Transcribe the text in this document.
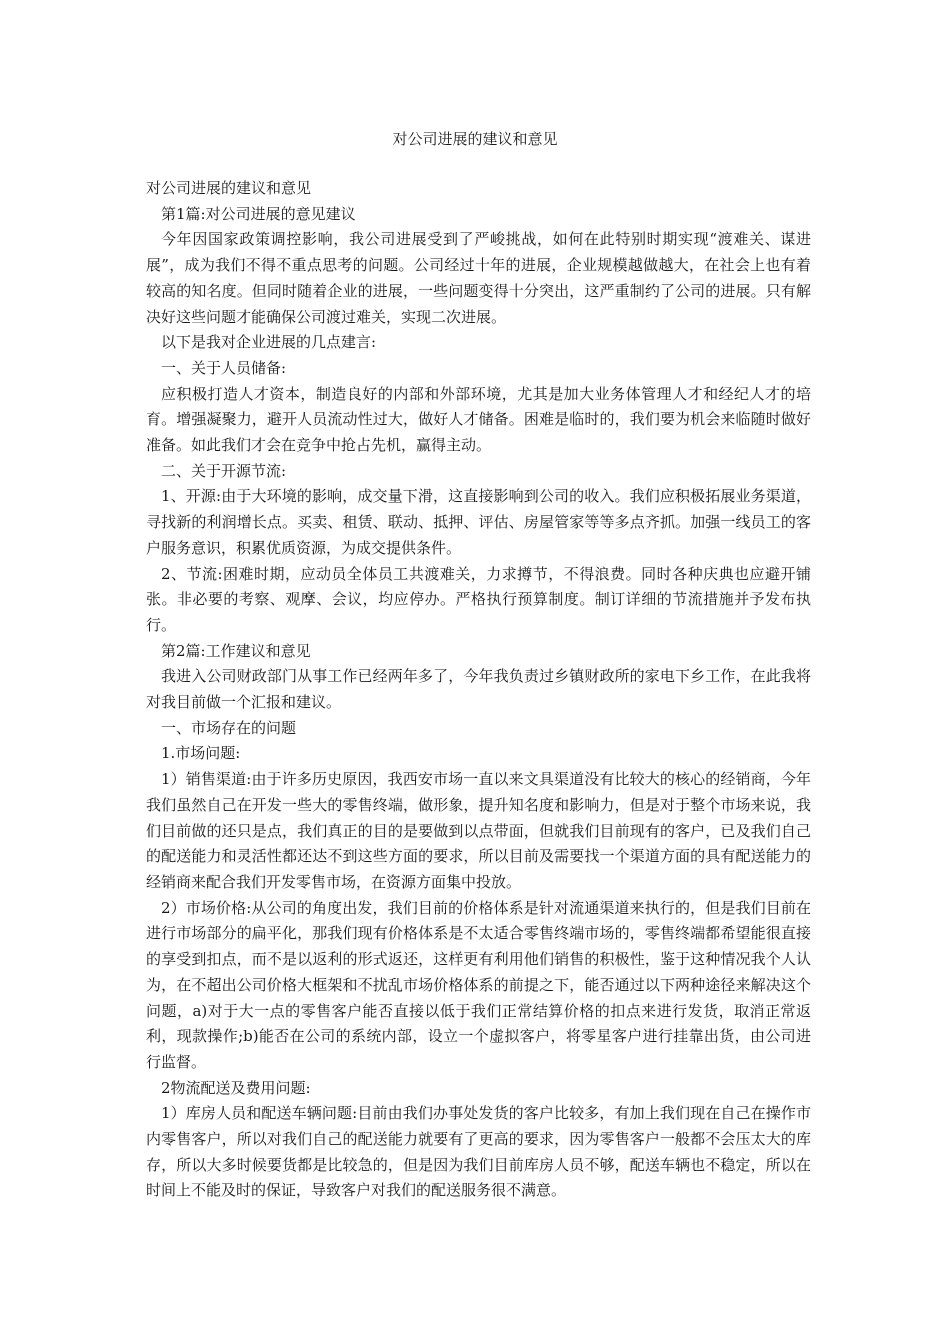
对公司进展的建议和意见

对公司进展的建议和意见

第1篇:对公司进展的意见建议

今年因国家政策调控影响，我公司进展受到了严峻挑战，如何在此特别时期实现“渡难关、谋进展”，成为我们不得不重点思考的问题。公司经过十年的进展，企业规模越做越大，在社会上也有着较高的知名度。但同时随着企业的进展，一些问题变得十分突出，这严重制约了公司的进展。只有解决好这些问题才能确保公司渡过难关，实现二次进展。

以下是我对企业进展的几点建言:

一、关于人员储备:

应积极打造人才资本，制造良好的内部和外部环境，尤其是加大业务体管理人才和经纪人才的培育。增强凝聚力，避开人员流动性过大，做好人才储备。困难是临时的，我们要为机会来临随时做好准备。如此我们才会在竞争中抢占先机，赢得主动。

二、关于开源节流:

1、开源:由于大环境的影响，成交量下滑，这直接影响到公司的收入。我们应积极拓展业务渠道，寻找新的利润增长点。买卖、租赁、联动、抵押、评估、房屋管家等等多点齐抓。加强一线员工的客户服务意识，积累优质资源，为成交提供条件。

2、节流:困难时期，应动员全体员工共渡难关，力求撙节，不得浪费。同时各种庆典也应避开铺张。非必要的考察、观摩、会议，均应停办。严格执行预算制度。制订详细的节流措施并予发布执行。

第2篇:工作建议和意见

我进入公司财政部门从事工作已经两年多了，今年我负责过乡镇财政所的家电下乡工作，在此我将对我目前做一个汇报和建议。

一、市场存在的问题

1.市场问题:

1）销售渠道:由于许多历史原因，我西安市场一直以来文具渠道没有比较大的核心的经销商，今年我们虽然自己在开发一些大的零售终端，做形象，提升知名度和影响力，但是对于整个市场来说，我们目前做的还只是点，我们真正的目的是要做到以点带面，但就我们目前现有的客户，已及我们自己的配送能力和灵活性都还达不到这些方面的要求，所以目前及需要找一个渠道方面的具有配送能力的经销商来配合我们开发零售市场，在资源方面集中投放。

2）市场价格:从公司的角度出发，我们目前的价格体系是针对流通渠道来执行的，但是我们目前在进行市场部分的扁平化，那我们现有价格体系是不太适合零售终端市场的，零售终端都希望能很直接的享受到扣点，而不是以返利的形式返还，这样更有利用他们销售的积极性，鉴于这种情况我个人认为，在不超出公司价格大框架和不扰乱市场价格体系的前提之下，能否通过以下两种途径来解决这个问题，a)对于大一点的零售客户能否直接以低于我们正常结算价格的扣点来进行发货，取消正常返利，现款操作;b)能否在公司的系统内部，设立一个虚拟客户，将零星客户进行挂靠出货，由公司进行监督。

2物流配送及费用问题:

1）库房人员和配送车辆问题:目前由我们办事处发货的客户比较多，有加上我们现在自己在操作市内零售客户，所以对我们自己的配送能力就要有了更高的要求，因为零售客户一般都不会压太大的库存，所以大多时候要货都是比较急的，但是因为我们目前库房人员不够，配送车辆也不稳定，所以在时间上不能及时的保证，导致客户对我们的配送服务很不满意。
